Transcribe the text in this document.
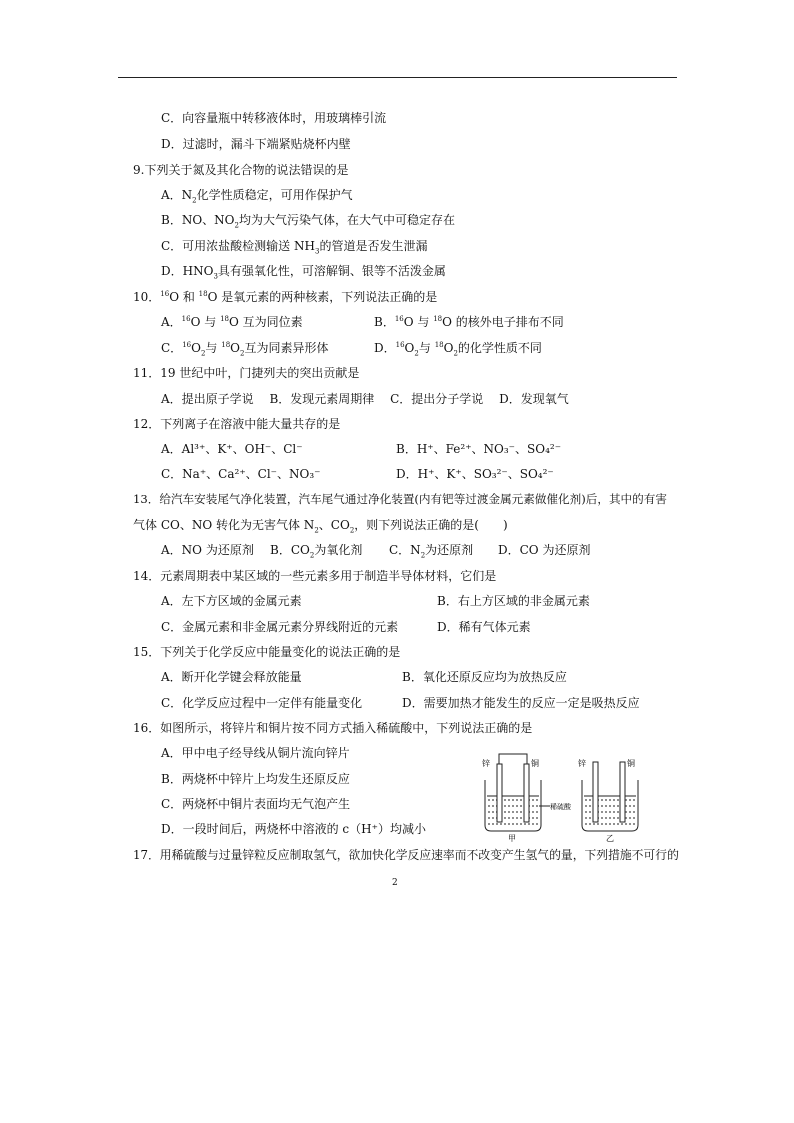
C．向容量瓶中转移液体时，用玻璃棒引流
D．过滤时，漏斗下端紧贴烧杯内壁
9.下列关于氮及其化合物的说法错误的是
A．$N_2$化学性质稳定，可用作保护气
B．NO、$NO_2$均为大气污染气体，在大气中可稳定存在
C．可用浓盐酸检测输送 $NH_3$的管道是否发生泄漏
D．$HNO_3$具有强氧化性，可溶解铜、银等不活泼金属
10．$^{16}$O 和 $^{18}$O 是氧元素的两种核素，下列说法正确的是
A．$^{16}$O 与 $^{18}$O 互为同位素	B．$^{16}$O 与 $^{18}$O 的核外电子排布不同
C．$^{16}O_2$与 $^{18}O_2$互为同素异形体	D．$^{16}O_2$与 $^{18}O_2$的化学性质不同
11．19 世纪中叶，门捷列夫的突出贡献是
A．提出原子学说　 B．发现元素周期律　 C．提出分子学说　 D．发现氧气
12．下列离子在溶液中能大量共存的是
A．Al³⁺、K⁺、OH⁻、Cl⁻	B．H⁺、Fe²⁺、NO₃⁻、SO₄²⁻
C．Na⁺、Ca²⁺、Cl⁻、NO₃⁻	D．H⁺、K⁺、SO₃²⁻、SO₄²⁻
13．给汽车安装尾气净化装置，汽车尾气通过净化装置(内有钯等过渡金属元素做催化剂)后，其中的有害
气体 CO、NO 转化为无害气体 $N_2$、$CO_2$，则下列说法正确的是(　　)
A．NO 为还原剂 B．$CO_2$为氧化剂 C．$N_2$为还原剂 D．CO 为还原剂
14．元素周期表中某区域的一些元素多用于制造半导体材料，它们是
A．左下方区域的金属元素	B．右上方区域的非金属元素
C．金属元素和非金属元素分界线附近的元素	D．稀有气体元素
15．下列关于化学反应中能量变化的说法正确的是
A．断开化学键会释放能量	B．氧化还原反应均为放热反应
C．化学反应过程中一定伴有能量变化	D．需要加热才能发生的反应一定是吸热反应
16．如图所示，将锌片和铜片按不同方式插入稀硫酸中，下列说法正确的是
A．甲中电子经导线从铜片流向锌片
B．两烧杯中锌片上均发生还原反应
C．两烧杯中铜片表面均无气泡产生
D．一段时间后，两烧杯中溶液的 c（H⁺）均减小
锌	铜	锌	铜
稀硫酸
甲	乙
17．用稀硫酸与过量锌粒反应制取氢气，欲加快化学反应速率而不改变产生氢气的量，下列措施不可行的
2
